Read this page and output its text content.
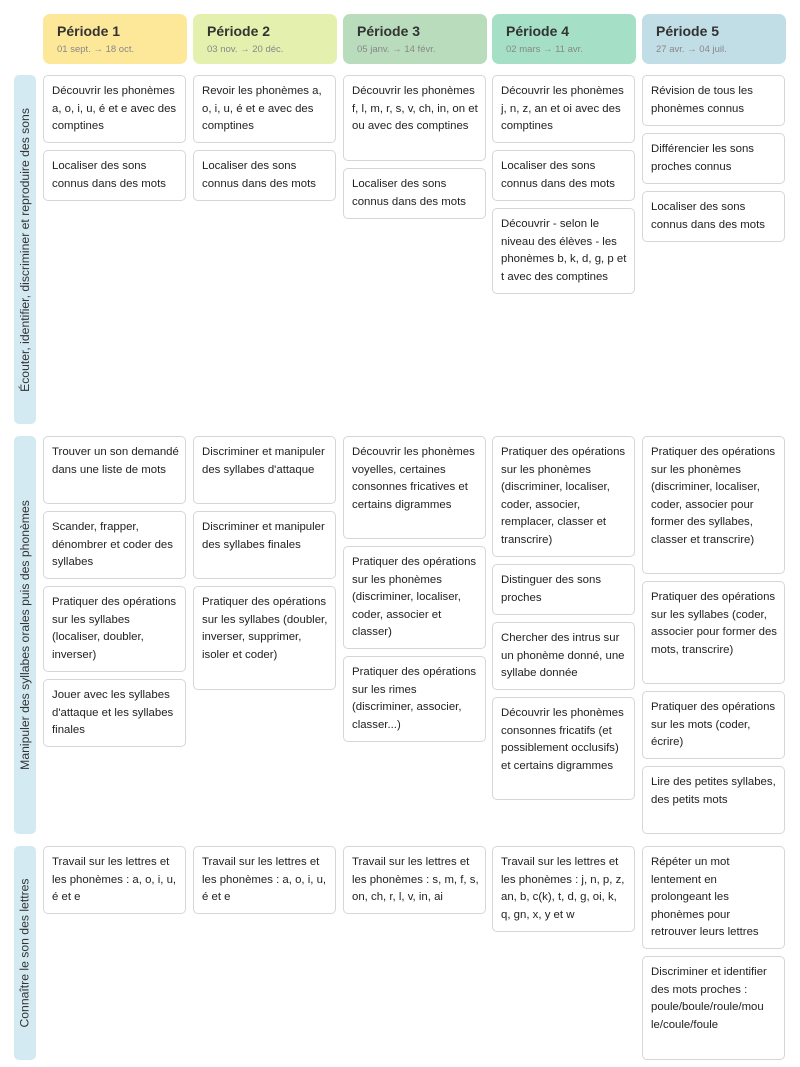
Période 1
01 sept. → 18 oct.
Période 2
03 nov. → 20 déc.
Période 3
05 janv. → 14 févr.
Période 4
02 mars → 11 avr.
Période 5
27 avr. → 04 juil.
Écouter, identifier, discriminer et reproduire des sons
Manipuler des syllabes orales puis des phonèmes
Connaître le son des lettres
Découvrir les phonèmes a, o, i, u, é et e avec des comptines
Localiser des sons connus dans des mots
Revoir les phonèmes a, o, i, u, é et e avec des comptines
Localiser des sons connus dans des mots
Découvrir les phonèmes f, l, m, r, s, v, ch, in, on et ou avec des comptines
Localiser des sons connus dans des mots
Découvrir les phonèmes j, n, z, an et oi avec des comptines
Localiser des sons connus dans des mots
Découvrir - selon le niveau des élèves - les phonèmes b, k, d, g, p et t avec des comptines
Révision de tous les phonèmes connus
Différencier les sons proches connus
Localiser des sons connus dans des mots
Trouver un son demandé dans une liste de mots
Scander, frapper, dénombrer et coder des syllabes
Pratiquer des opérations sur les syllabes (localiser, doubler, inverser)
Jouer avec les syllabes d'attaque et les syllabes finales
Discriminer et manipuler des syllabes d'attaque
Discriminer et manipuler des syllabes finales
Pratiquer des opérations sur les syllabes (doubler, inverser, supprimer, isoler et coder)
Découvrir les phonèmes voyelles, certaines consonnes fricatives et certains digrammes
Pratiquer des opérations sur les phonèmes (discriminer, localiser, coder, associer et classer)
Pratiquer des opérations sur les rimes (discriminer, associer, classer...)
Pratiquer des opérations sur les phonèmes (discriminer, localiser, coder, associer, remplacer, classer et transcrire)
Distinguer des sons proches
Chercher des intrus sur un phonème donné, une syllabe donnée
Découvrir les phonèmes consonnes fricatifs (et possiblement occlusifs) et certains digrammes
Pratiquer des opérations sur les phonèmes (discriminer, localiser, coder, associer pour former des syllabes, classer et transcrire)
Pratiquer des opérations sur les syllabes (coder, associer pour former des mots, transcrire)
Pratiquer des opérations sur les mots (coder, écrire)
Lire des petites syllabes, des petits mots
Travail sur les lettres et les phonèmes : a, o, i, u, é et e
Travail sur les lettres et les phonèmes : a, o, i, u, é et e
Travail sur les lettres et les phonèmes : s, m, f, s, on, ch, r, l, v, in, ai
Travail sur les lettres et les phonèmes : j, n, p, z, an, b, c(k), t, d, g, oi, k, q, gn, x, y et w
Répéter un mot lentement en prolongeant les phonèmes pour retrouver leurs lettres
Discriminer et identifier des mots proches : poule/boule/roule/mou le/coule/foule
